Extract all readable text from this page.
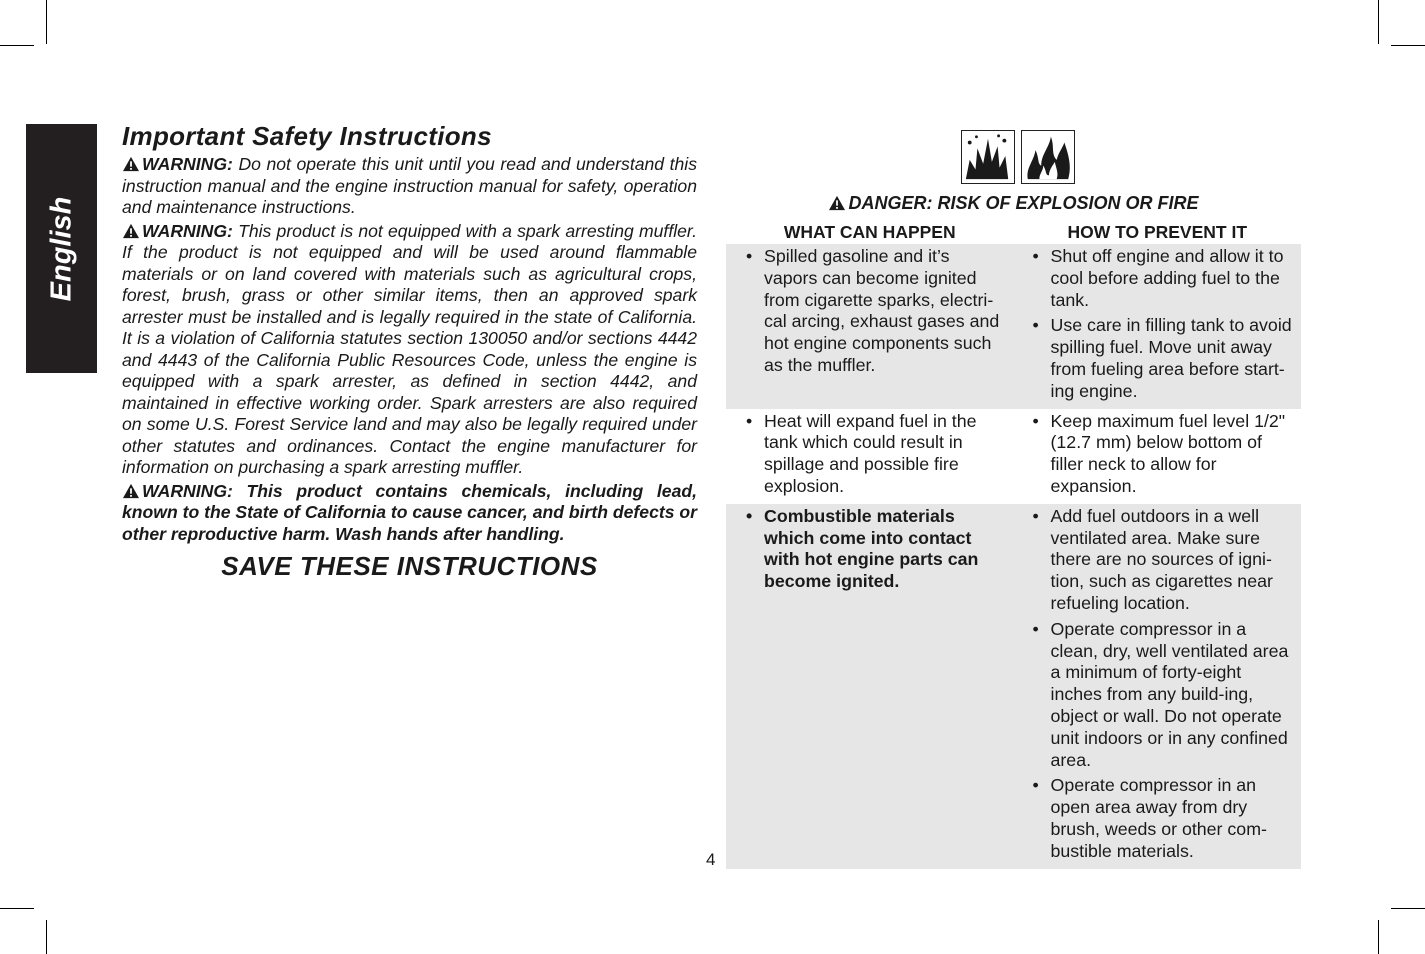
English
Important Safety Instructions

WARNING: Do not operate this unit until you read and understand this instruction manual and the engine instruction manual for safety, operation and maintenance instructions.

WARNING: This product is not equipped with a spark arresting muffler. If the product is not equipped and will be used around flammable materials or on land covered with materials such as agricultural crops, forest, brush, grass or other similar items, then an approved spark arrester must be installed and is legally required in the state of California. It is a violation of California statutes section 130050 and/or sections 4442 and 4443 of the California Public Resources Code, unless the engine is equipped with a spark arrester, as defined in section 4442, and maintained in effective working order. Spark arresters are also required on some U.S. Forest Service land and may also be legally required under other statutes and ordinances. Contact the engine manufacturer for information on purchasing a spark arresting muffler.

WARNING: This product contains chemicals, including lead, known to the State of California to cause cancer, and birth defects or other reproductive harm. Wash hands after handling.

SAVE THESE INSTRUCTIONS
DANGER: RISK OF EXPLOSION OR FIRE
WHAT CAN HAPPEN	HOW TO PREVENT IT
• Spilled gasoline and it’s vapors can become ignited from cigarette sparks, electri-cal arcing, exhaust gases and hot engine components such as the muffler.
• Shut off engine and allow it to cool before adding fuel to the tank.
• Use care in filling tank to avoid spilling fuel. Move unit away from fueling area before start-ing engine.
• Heat will expand fuel in the tank which could result in spillage and possible fire explosion.
• Keep maximum fuel level 1/2" (12.7 mm) below bottom of filler neck to allow for expansion.
• Combustible materials which come into contact with hot engine parts can become ignited.
• Add fuel outdoors in a well ventilated area. Make sure there are no sources of igni-tion, such as cigarettes near refueling location.
• Operate compressor in a clean, dry, well ventilated area a minimum of forty-eight inches from any build-ing, object or wall. Do not operate unit indoors or in any confined area.
• Operate compressor in an open area away from dry brush, weeds or other com-bustible materials.
4
